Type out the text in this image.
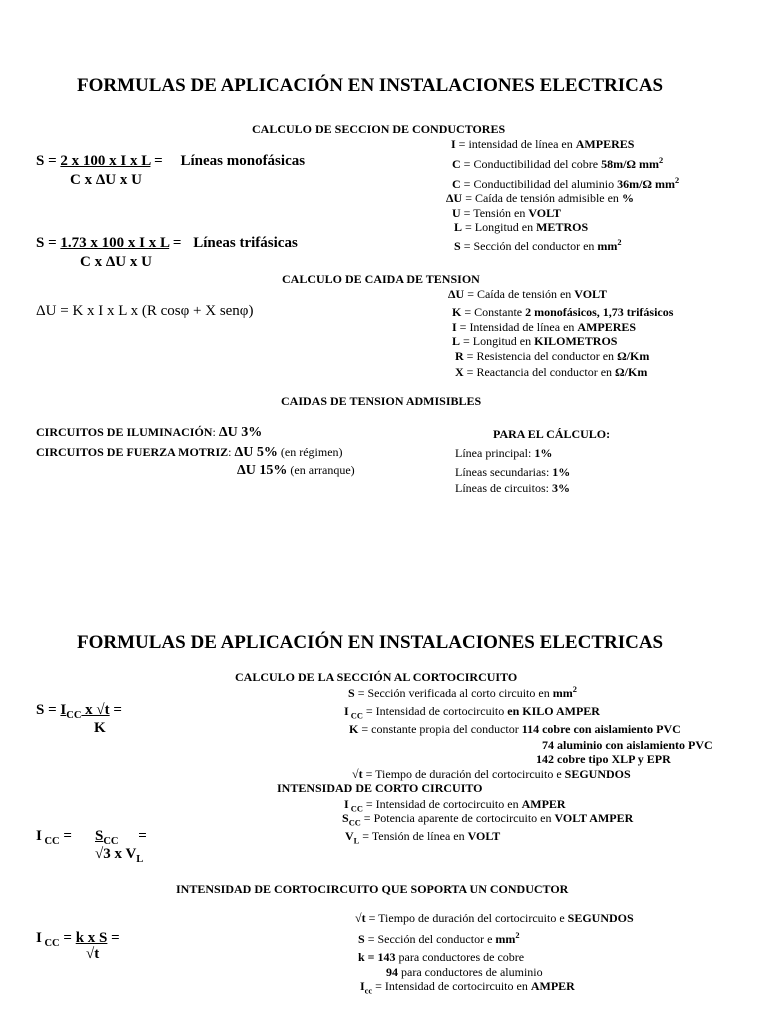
FORMULAS DE APLICACIÓN EN INSTALACIONES ELECTRICAS
CALCULO DE SECCION DE CONDUCTORES
S = 2 x 100 x I x L = Líneas monofásicas
C x ΔU x U
S = 1.73 x 100 x I x L = Líneas trifásicas
C x ΔU x U
I = intensidad de línea en AMPERES
C = Conductibilidad del cobre 58m/Ω $mm^2$
C = Conductibilidad del aluminio 36m/Ω $mm^2$
ΔU = Caída de tensión admisible en %
U = Tensión en VOLT
L = Longitud en METROS
S = Sección del conductor en $mm^2$
CALCULO DE CAIDA DE TENSION
ΔU = K x I x L x (R cosφ + X senφ)
ΔU = Caída de tensión en VOLT
K = Constante 2 monofásicos, 1,73 trifásicos
I = Intensidad de línea en AMPERES
L = Longitud en KILOMETROS
R = Resistencia del conductor en Ω/Km
X = Reactancia del conductor en Ω/Km
CAIDAS DE TENSION ADMISIBLES
CIRCUITOS DE ILUMINACIÓN: ΔU 3%
CIRCUITOS DE FUERZA MOTRIZ: ΔU 5% (en régimen)
ΔU 15% (en arranque)
PARA EL CÁLCULO:
Línea principal: 1%
Líneas secundarias: 1%
Líneas de circuitos: 3%
FORMULAS DE APLICACIÓN EN INSTALACIONES ELECTRICAS
CALCULO DE LA SECCIÓN AL CORTOCIRCUITO
$S = I_{CC}$ x √t =
K
S = Sección verificada al corto circuito en $mm^2$
I $_{CC}$ = Intensidad de cortocircuito en KILO AMPER
K = constante propia del conductor 114 cobre con aislamiento PVC
74 aluminio con aislamiento PVC
142 cobre tipo XLP y EPR
√t = Tiempo de duración del cortocircuito e SEGUNDOS
INTENSIDAD DE CORTO CIRCUITO
I $_{CC} = S_{CC}$ =
√3 x $V_L$
I $_{CC}$ = Intensidad de cortocircuito en AMPER
$S_{CC}$ = Potencia aparente de cortocircuito en VOLT AMPER
$V_L$ = Tensión de línea en VOLT
INTENSIDAD DE CORTOCIRCUITO QUE SOPORTA UN CONDUCTOR
I $_{CC}$ = k x S =
√t
√t = Tiempo de duración del cortocircuito e SEGUNDOS
S = Sección del conductor e $mm^2$
k = 143 para conductores de cobre
94 para conductores de aluminio
$I_{cc}$ = Intensidad de cortocircuito en AMPER
